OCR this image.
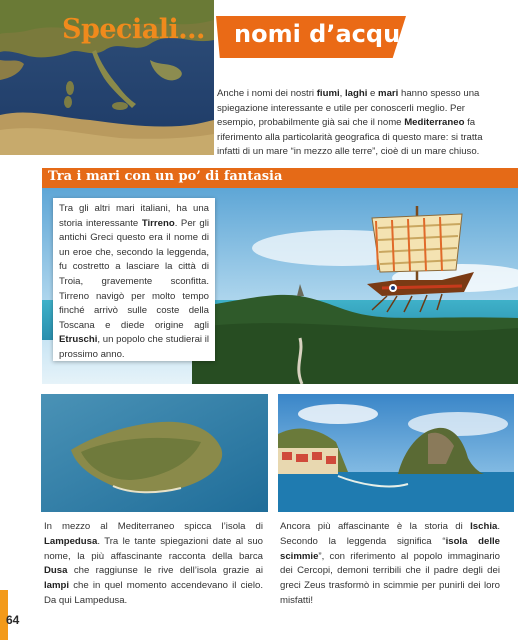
Speciali... nomi d’acqua
Anche i nomi dei nostri fiumi, laghi e mari hanno spesso una spiegazione interessante e utile per conoscerli meglio. Per esempio, probabilmente già sai che il nome Mediterraneo fa riferimento alla particolarità geografica di questo mare: si tratta infatti di un mare “in mezzo alle terre”, cioè di un mare chiuso.
Tra i mari con un po’ di fantasia

Tra gli altri mari italiani, ha una storia interessante Tirreno. Per gli antichi Greci questo era il nome di un eroe che, secondo la leggenda, fu costretto a lasciare la città di Troia, gravemente sconfitta. Tirreno navigò per molto tempo finché arrivò sulle coste della Toscana e diede origine agli Etruschi, un popolo che studierai il prossimo anno.

In mezzo al Mediterraneo spicca l’isola di Lampedusa. Tra le tante spiegazioni date al suo nome, la più affascinante racconta della barca Dusa che raggiunse le rive dell’isola grazie ai lampi che in quel momento accendevano il cielo. Da qui Lampedusa.
Ancora più affascinante è la storia di Ischia. Secondo la leggenda significa “isola delle scimmie”, con riferimento al popolo immaginario dei Cercopi, demoni terribili che il padre degli dei greci Zeus trasformò in scimmie per punirli dei loro misfatti!
64
